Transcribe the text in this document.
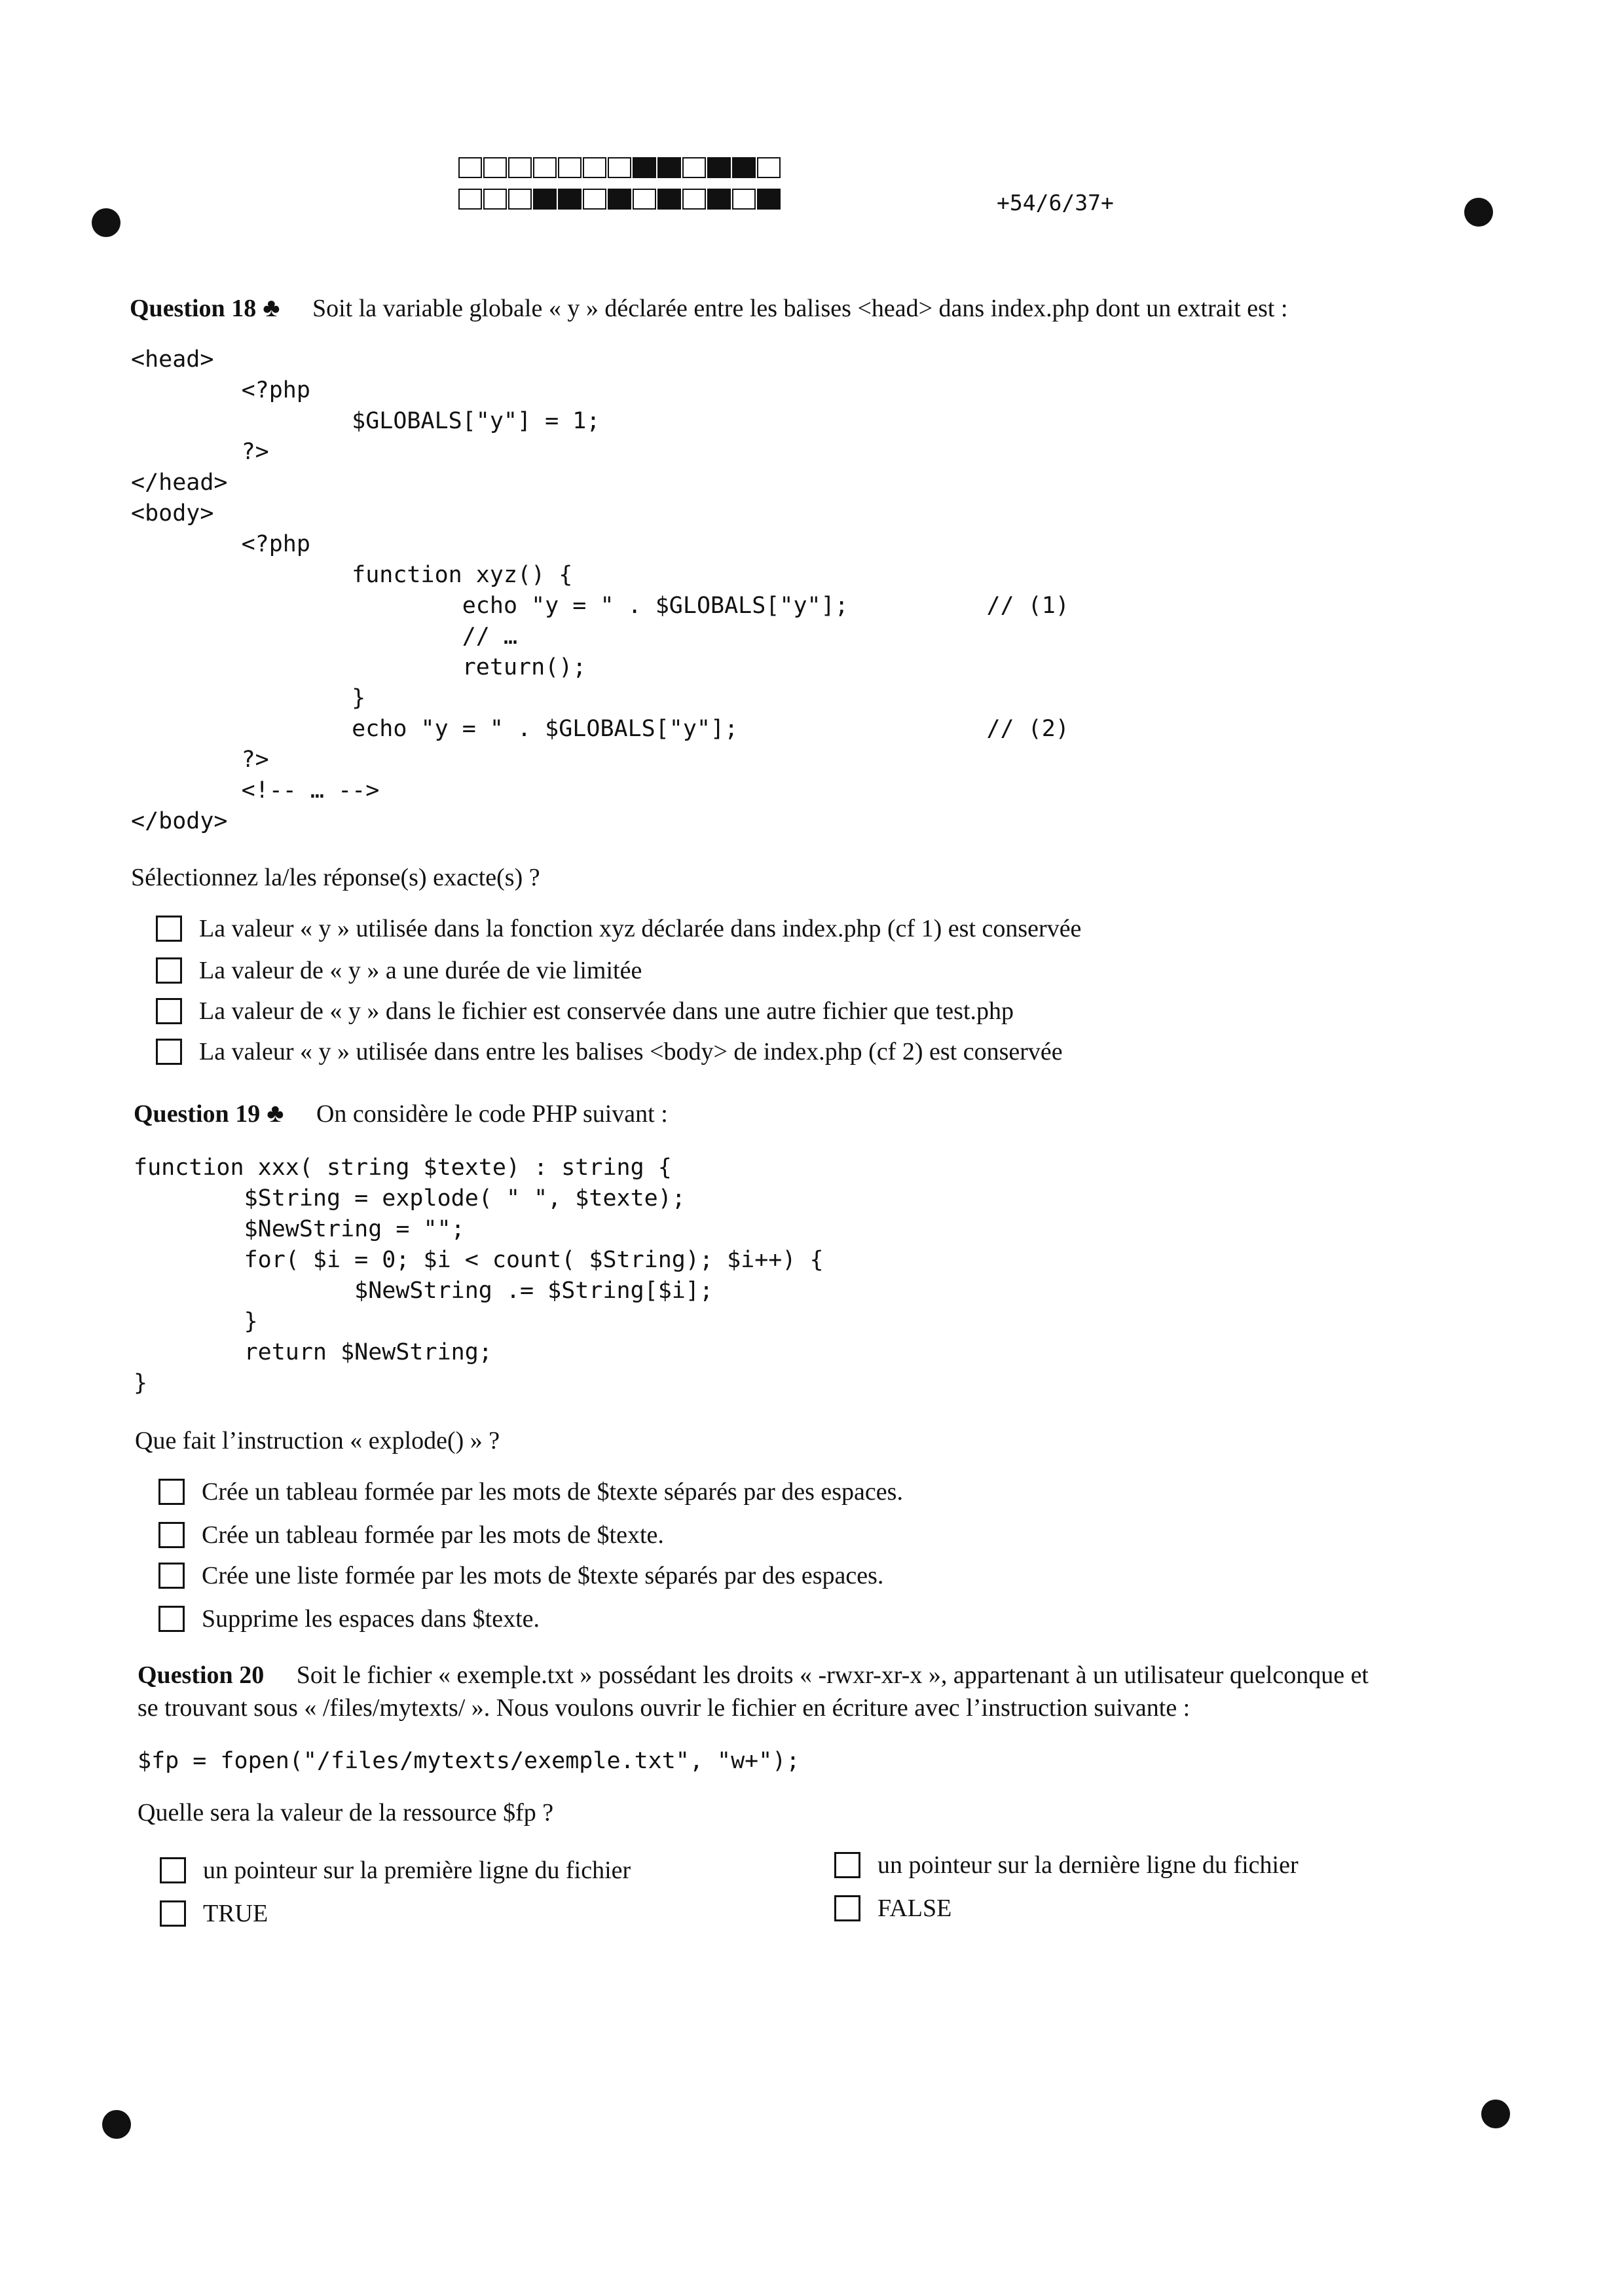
+54/6/37+
Question 18 ♣ Soit la variable globale « y » déclarée entre les balises <head> dans index.php dont un extrait est :
<head>
<?php
$GLOBALS["y"] = 1;
?>
</head>
<body>
<?php
function xyz() {
echo "y = " . $GLOBALS["y"];          // (1)
// …
return();
}
echo "y = " . $GLOBALS["y"];                  // (2)
?>
<!-- … -->
</body>
Sélectionnez la/les réponse(s) exacte(s) ?
La valeur « y » utilisée dans la fonction xyz déclarée dans index.php (cf 1) est conservée
La valeur de « y » a une durée de vie limitée
La valeur de « y » dans le fichier est conservée dans une autre fichier que test.php
La valeur « y » utilisée dans entre les balises <body> de index.php (cf 2) est conservée
Question 19 ♣ On considère le code PHP suivant :
function xxx( string $texte) : string {
$String = explode( " ", $texte);
$NewString = "";
for( $i = 0; $i < count( $String); $i++) {
$NewString .= $String[$i];
}
return $NewString;
}
Que fait l’instruction « explode() » ?
Crée un tableau formée par les mots de $texte séparés par des espaces.
Crée un tableau formée par les mots de $texte.
Crée une liste formée par les mots de $texte séparés par des espaces.
Supprime les espaces dans $texte.
Question 20 Soit le fichier « exemple.txt » possédant les droits « -rwxr-xr-x », appartenant à un utilisateur quelconque et
se trouvant sous « /files/mytexts/ ». Nous voulons ouvrir le fichier en écriture avec l’instruction suivante :
$fp = fopen("/files/mytexts/exemple.txt", "w+");
Quelle sera la valeur de la ressource $fp ?
un pointeur sur la première ligne du fichier	un pointeur sur la dernière ligne du fichier
TRUE	FALSE
